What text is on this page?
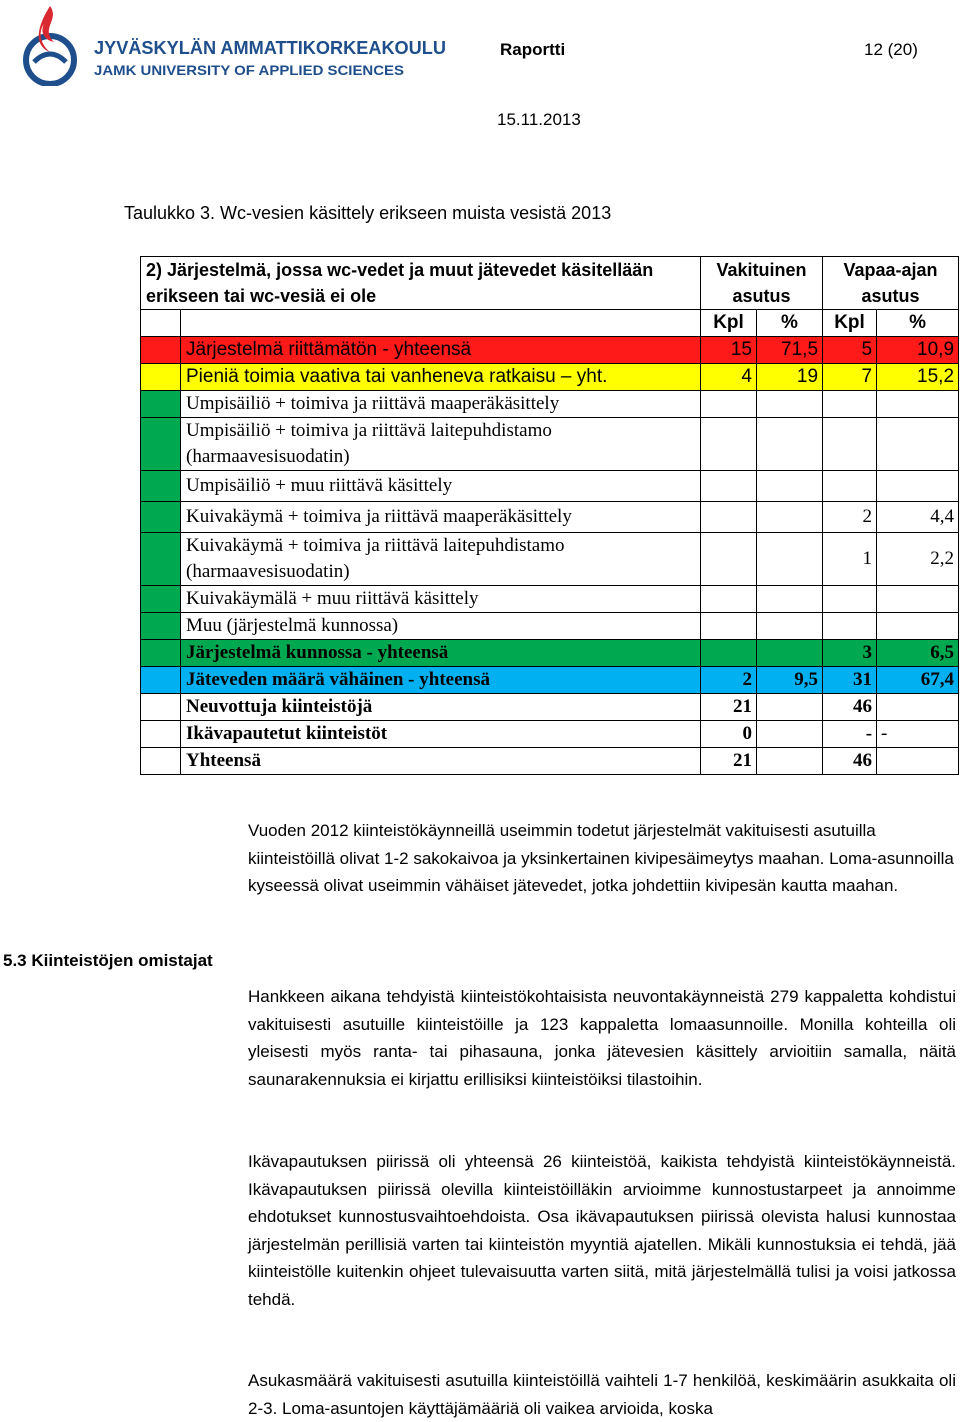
JYVÄSKYLÄN AMMATTIKORKEAKOULU
JAMK UNIVERSITY OF APPLIED SCIENCES
Raportti	12 (20)
15.11.2013
Taulukko 3. Wc-vesien käsittely erikseen muista vesistä 2013
2) Järjestelmä, jossa wc-vedet ja muut jätevedet käsitellään erikseen tai wc-vesiä ei ole		Vakituinen asutus		Vapaa-ajan asutus	
		Kpl	%	Kpl	%
	Järjestelmä riittämätön - yhteensä	15	71,5	5	10,9
	Pieniä toimia vaativa tai vanheneva ratkaisu – yht.	4	19	7	15,2
	Umpisäiliö + toimiva ja riittävä maaperäkäsittely				
	Umpisäiliö + toimiva ja riittävä laitepuhdistamo (harmaavesisuodatin)				
	Umpisäiliö + muu riittävä käsittely				
	Kuivakäymä + toimiva ja riittävä maaperäkäsittely			2	4,4
	Kuivakäymä + toimiva ja riittävä laitepuhdistamo (harmaavesisuodatin)			1	2,2
	Kuivakäymälä + muu riittävä käsittely				
	Muu (järjestelmä kunnossa)				
	Järjestelmä kunnossa - yhteensä			3	6,5
	Jäteveden määrä vähäinen - yhteensä	2	9,5	31	67,4
	Neuvottuja kiinteistöjä	21		46	
	Ikävapautetut kiinteistöt	0		-	-
	Yhteensä	21		46	
Vuoden 2012 kiinteistökäynneillä useimmin todetut järjestelmät vakituisesti asutuilla kiinteistöillä olivat 1-2 sakokaivoa ja yksinkertainen kivipesäimeytys maahan. Loma-asunnoilla kyseessä olivat useimmin vähäiset jätevedet, jotka johdettiin kivipesän kautta maahan.
5.3 Kiinteistöjen omistajat
Hankkeen aikana tehdyistä kiinteistökohtaisista neuvontakäynneistä 279 kappaletta kohdistui vakituisesti asutuille kiinteistöille ja 123 kappaletta lomaasunnoille. Monilla kohteilla oli yleisesti myös ranta- tai pihasauna, jonka jätevesien käsittely arvioitiin samalla, näitä saunarakennuksia ei kirjattu erillisiksi kiinteistöiksi tilastoihin.
Ikävapautuksen piirissä oli yhteensä 26 kiinteistöä, kaikista tehdyistä kiinteistökäynneistä. Ikävapautuksen piirissä olevilla kiinteistöilläkin arvioimme kunnostustarpeet ja annoimme ehdotukset kunnostusvaihtoehdoista. Osa ikävapautuksen piirissä olevista halusi kunnostaa järjestelmän perillisiä varten tai kiinteistön myyntiä ajatellen. Mikäli kunnostuksia ei tehdä, jää kiinteistölle kuitenkin ohjeet tulevaisuutta varten siitä, mitä järjestelmällä tulisi ja voisi jatkossa tehdä.
Asukasmäärä vakituisesti asutuilla kiinteistöillä vaihteli 1-7 henkilöä, keskimäärin asukkaita oli 2-3. Loma-asuntojen käyttäjämääriä oli vaikea arvioida, koska
